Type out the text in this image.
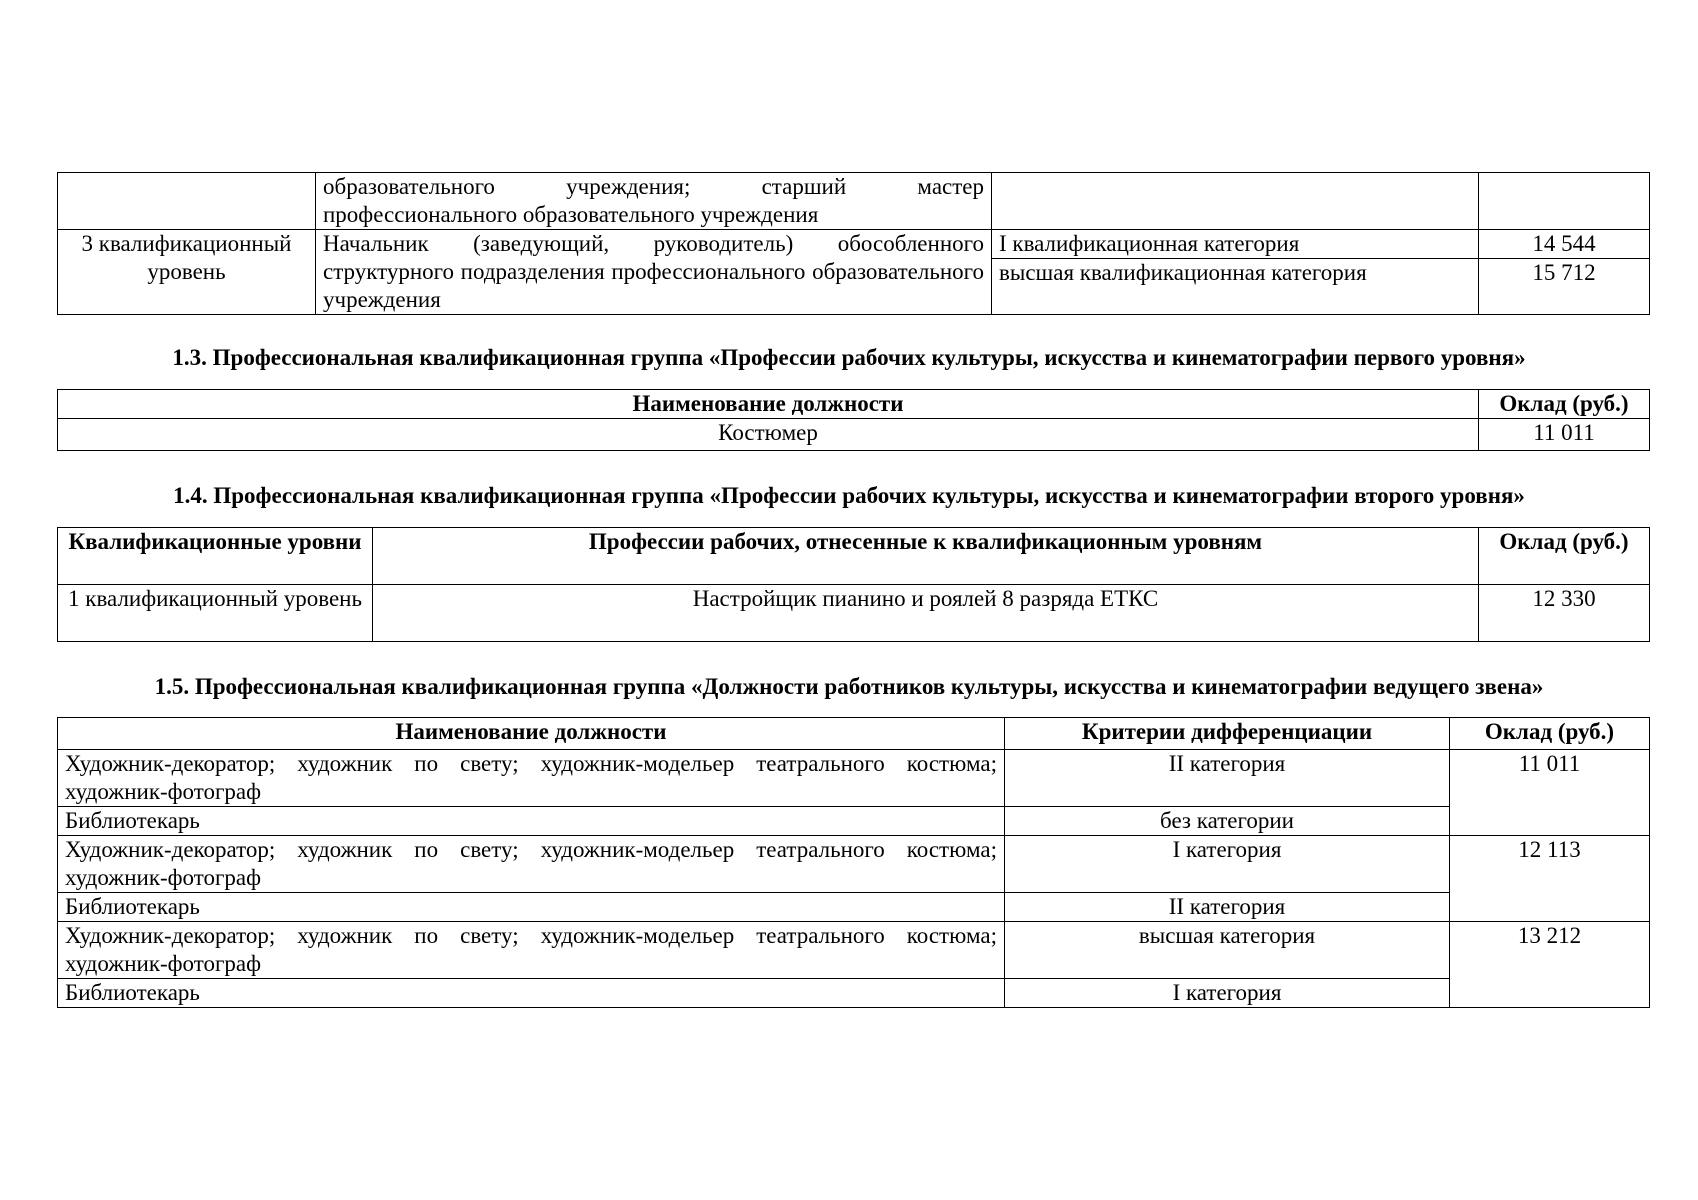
	образовательного учреждения; старший мастер
профессионального образовательного учреждения		

3 квалификационный уровень	Начальник (заведующий, руководитель) обособленного структурного подразделения профессионального образовательного учреждения	I квалификационная категория	14 544
		высшая квалификационная категория	15 712

1.3. Профессиональная квалификационная группа «Профессии рабочих культуры, искусства и кинематографии первого уровня»

Наименование должности	Оклад (руб.)
Костюмер	11 011

1.4. Профессиональная квалификационная группа «Профессии рабочих культуры, искусства и кинематографии второго уровня»

Квалификационные уровни	Профессии рабочих, отнесенные к квалификационным уровням	Оклад (руб.)
1 квалификационный уровень	Настройщик пианино и роялей 8 разряда ЕТКС	12 330

1.5. Профессиональная квалификационная группа «Должности работников культуры, искусства и кинематографии ведущего звена»

Наименование должности	Критерии дифференциации	Оклад (руб.)
Художник-декоратор; художник по свету; художник-модельер театрального костюма; художник-фотограф	II категория	11 011
Библиотекарь	без категории	
Художник-декоратор; художник по свету; художник-модельер театрального костюма; художник-фотограф	I категория	12 113
Библиотекарь	II категория	
Художник-декоратор; художник по свету; художник-модельер театрального костюма; художник-фотограф	высшая категория	13 212
Библиотекарь	I категория	
